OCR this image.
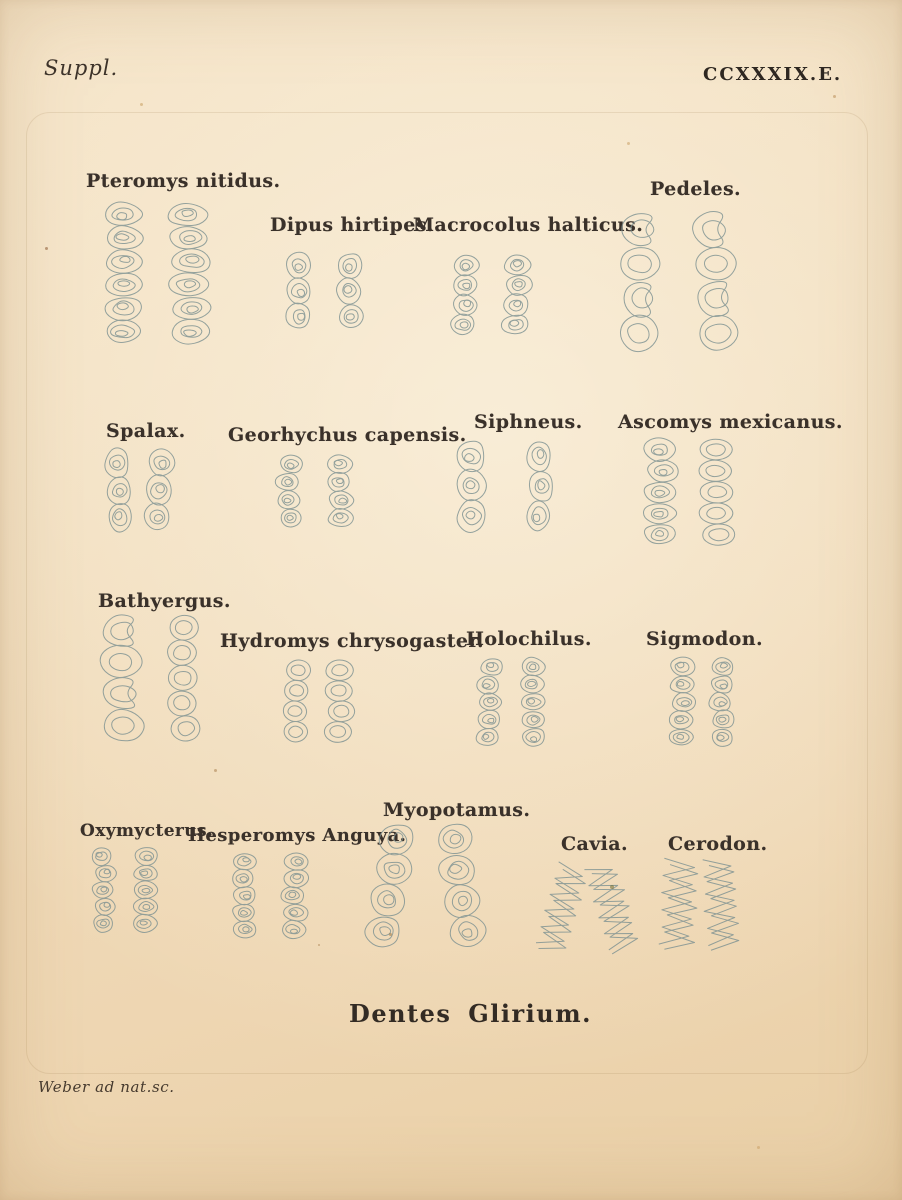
Suppl.	CCXXXIX.E.
Pteromys nitidus.
Dipus hirtipes.
Macrocolus halticus.
Pedeles.
Spalax. Georhychus capensis.
Siphneus. Ascomys mexicanus.
Bathyergus.
Hydromys chrysogaster.
Holochilus.	Sigmodon.
Oxymycterus.
Hesperomys Anguya.
Myopotamus.
Cavia. Cerodon.
Dentes Glirium.
Weber ad nat.sc.
